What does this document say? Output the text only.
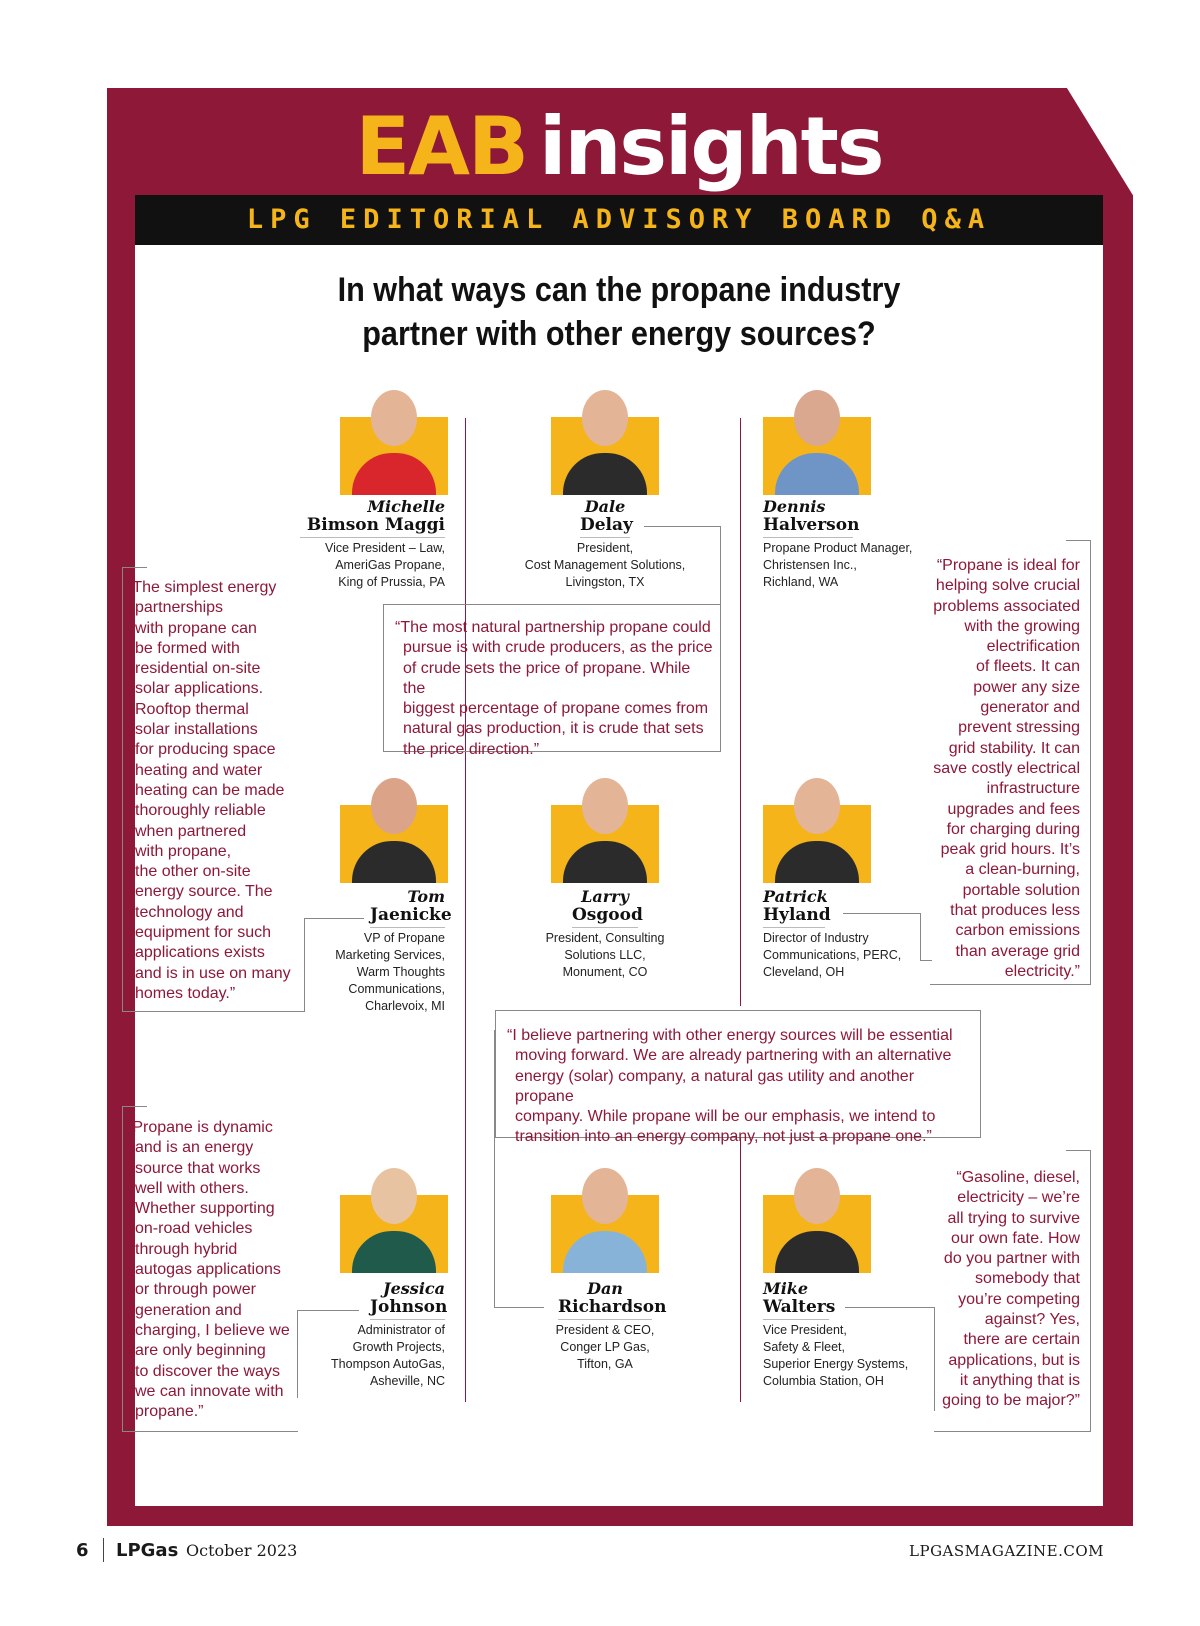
EAB insights
LPG EDITORIAL ADVISORY BOARD Q&A
In what ways can the propane industry
partner with other energy sources?
Michelle
Bimson Maggi
Vice President – Law,
AmeriGas Propane,
King of Prussia, PA
Dale
Delay
President,
Cost Management Solutions,
Livingston, TX
Dennis
Halverson
Propane Product Manager,
Christensen Inc.,
Richland, WA
Tom
Jaenicke
VP of Propane
Marketing Services,
Warm Thoughts
Communications,
Charlevoix, MI
Larry
Osgood
President, Consulting
Solutions LLC,
Monument, CO
Patrick
Hyland
Director of Industry
Communications, PERC,
Cleveland, OH
Jessica
Johnson
Administrator of
Growth Projects,
Thompson AutoGas,
Asheville, NC
Dan
Richardson
President & CEO,
Conger LP Gas,
Tifton, GA
Mike
Walters
Vice President,
Safety & Fleet,
Superior Energy Systems,
Columbia Station, OH
“The simplest energy
partnerships
with propane can
be formed with
residential on-site
solar applications.
Rooftop thermal
solar installations
for producing space
heating and water
heating can be made
thoroughly reliable
when partnered
with propane,
the other on-site
energy source. The
technology and
equipment for such
applications exists
and is in use on many
homes today.”
“The most natural partnership propane could
pursue is with crude producers, as the price
of crude sets the price of propane. While the
biggest percentage of propane comes from
natural gas production, it is crude that sets
the price direction.”
“Propane is ideal for
helping solve crucial
problems associated
with the growing
electrification
of fleets. It can
power any size
generator and
prevent stressing
grid stability. It can
save costly electrical
infrastructure
upgrades and fees
for charging during
peak grid hours. It’s
a clean-burning,
portable solution
that produces less
carbon emissions
than average grid
electricity.”
“I believe partnering with other energy sources will be essential
moving forward. We are already partnering with an alternative
energy (solar) company, a natural gas utility and another propane
company. While propane will be our emphasis, we intend to
transition into an energy company, not just a propane one.”
“Propane is dynamic
and is an energy
source that works
well with others.
Whether supporting
on-road vehicles
through hybrid
autogas applications
or through power
generation and
charging, I believe we
are only beginning
to discover the ways
we can innovate with
propane.”
“Gasoline, diesel,
electricity – we’re
all trying to survive
our own fate. How
do you partner with
somebody that
you’re competing
against? Yes,
there are certain
applications, but is
it anything that is
going to be major?”
6 LPGas October 2023	LPGASMAGAZINE.COM
